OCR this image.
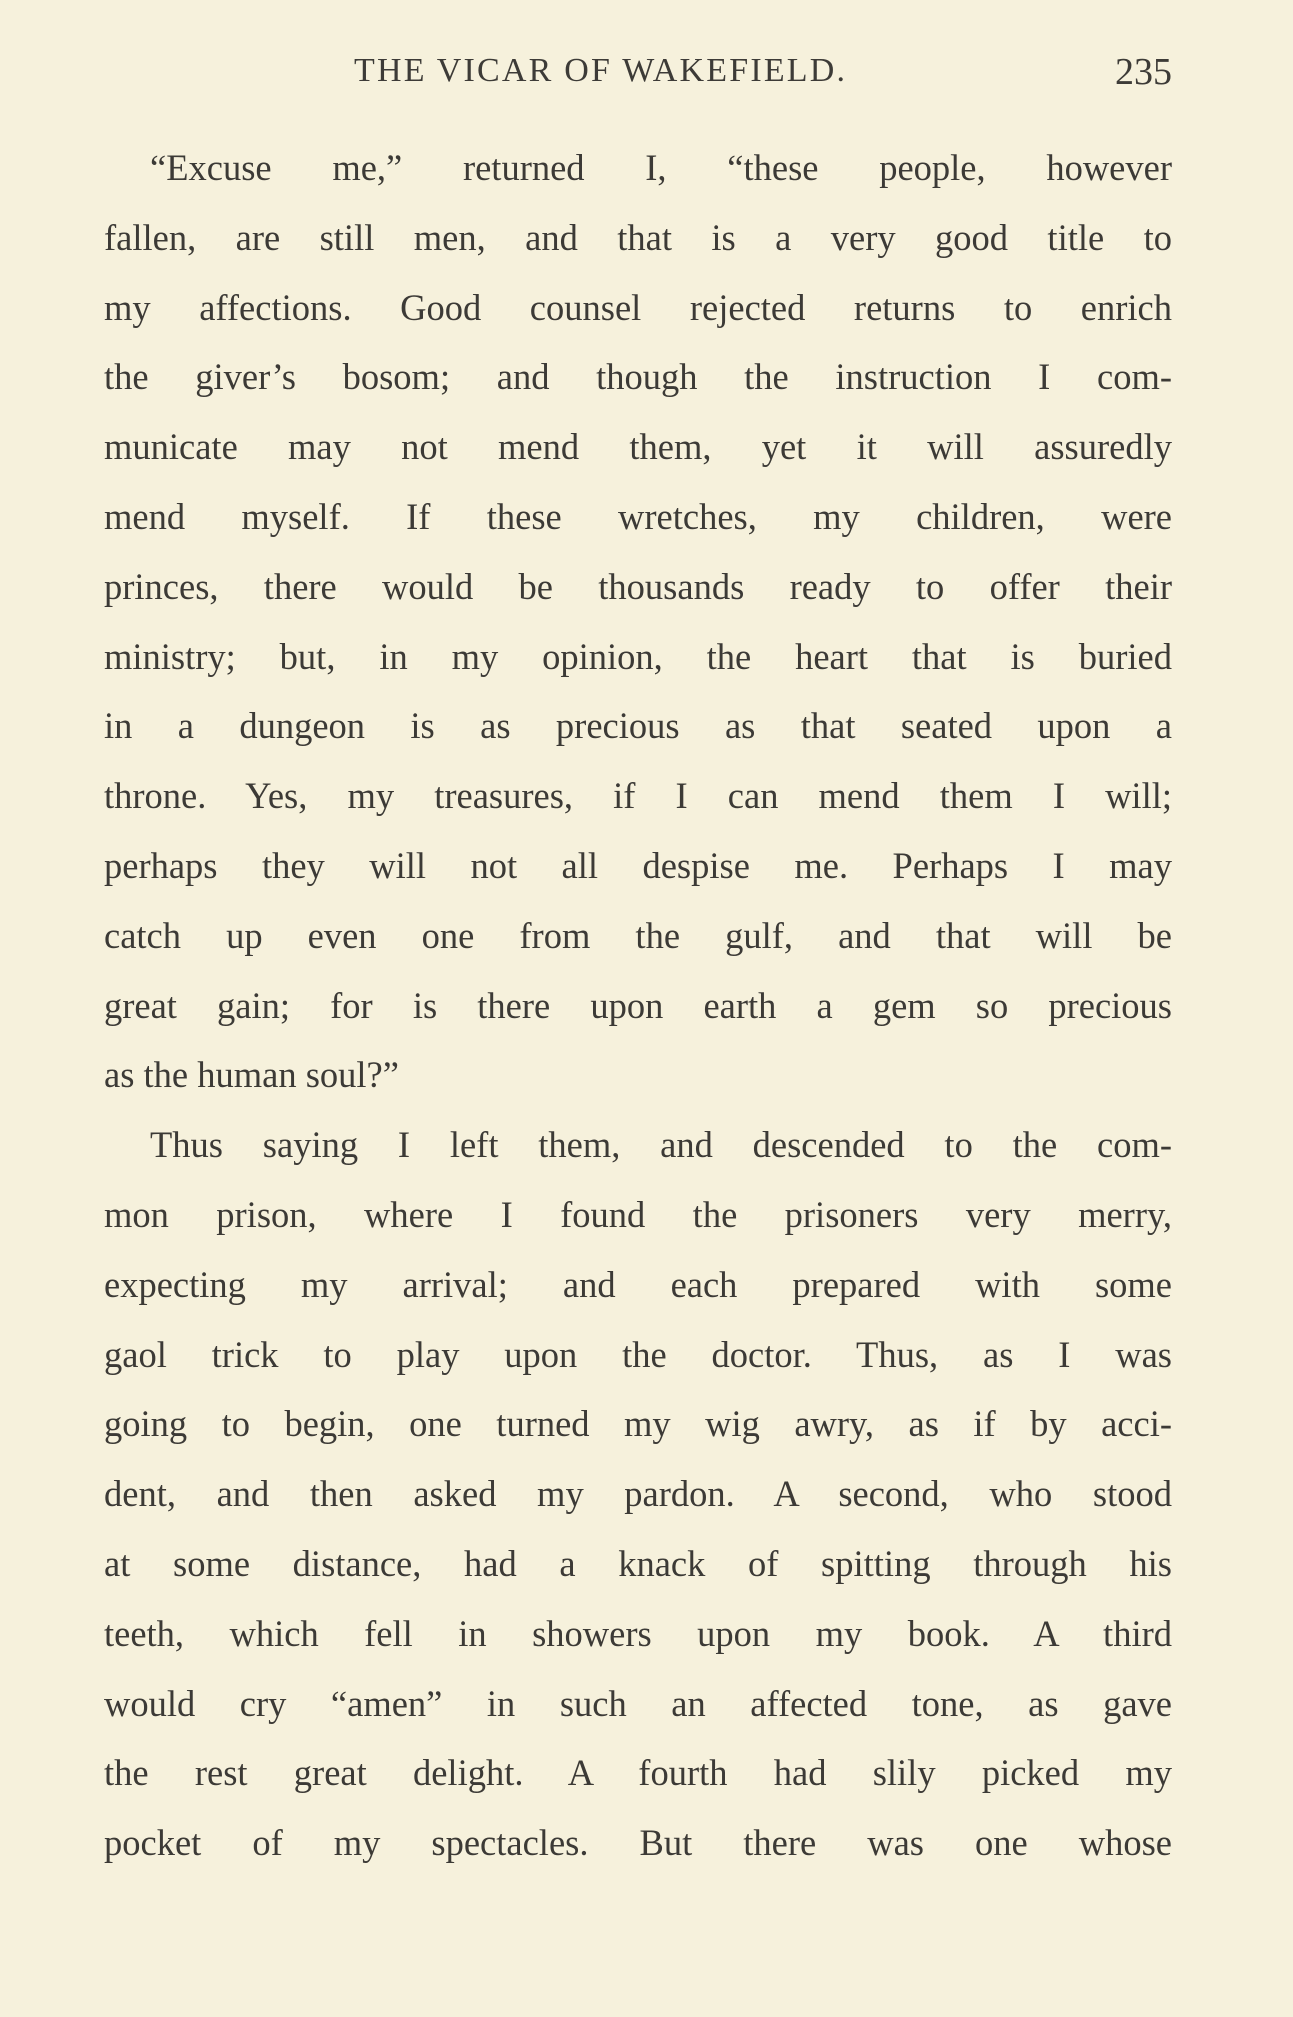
THE VICAR OF WAKEFIELD.	235
“Excuse me,” returned I, “these people, however
fallen, are still men, and that is a very good title to
my affections. Good counsel rejected returns to enrich
the giver’s bosom; and though the instruction I com-
municate may not mend them, yet it will assuredly
mend myself. If these wretches, my children, were
princes, there would be thousands ready to offer their
ministry; but, in my opinion, the heart that is buried
in a dungeon is as precious as that seated upon a
throne. Yes, my treasures, if I can mend them I will;
perhaps they will not all despise me. Perhaps I may
catch up even one from the gulf, and that will be
great gain; for is there upon earth a gem so precious
as the human soul?”
Thus saying I left them, and descended to the com-
mon prison, where I found the prisoners very merry,
expecting my arrival; and each prepared with some
gaol trick to play upon the doctor. Thus, as I was
going to begin, one turned my wig awry, as if by acci-
dent, and then asked my pardon. A second, who stood
at some distance, had a knack of spitting through his
teeth, which fell in showers upon my book. A third
would cry “amen” in such an affected tone, as gave
the rest great delight. A fourth had slily picked my
pocket of my spectacles. But there was one whose
